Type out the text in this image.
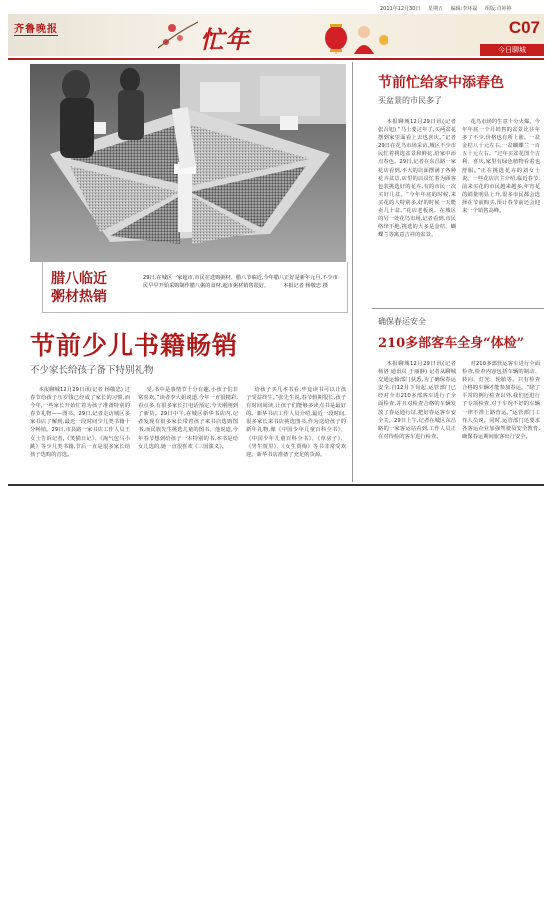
2011年12月30日 星期五 编辑:李环磊 组版:肖婷婷
齐鲁晚报	忙年	C07
今日聊城
腊八临近
粥材热销
29日,在城区一家超市,市民在选购粥材。腊八节临近,今年腊八正好是新年元旦,不少市民早早开始采购制作腊八粥的食材,超市粥材销售很好。	本报记者 杨敬忠 摄
节前少儿书籍畅销
不少家长给孩子备下特别礼物

本报聊城12月29日讯(记者 杨敬忠) 过春节给孩子压岁钱已经成了家长的习惯,而今年,一些家长开始忙着为孩子准备特别的春节礼物——图书。29日,记者走访城区多家书店了解到,最近一段时间少儿类书籍十分畅销。29日,市县路一家书店工作人员王女士告诉记者,《笑猫日记》、《淘气包马小跳》等少儿类书籍,节后一直是很多家长给孩子选购的首选。

受,书中是事情节十分有趣,小孩子们非常喜欢。”读者李大姐说道,今年一直很精彩,看点多,有很多家长打电话预定,今天刚刚到了新货。29日中午,在城区新华书店内,记者发现有很多家长带着孩子来书店选购图书,而民族先生挑选儿童的图书。他说道,今年春节想到给孩子一本特别的书,本书是给女儿选的,她一直很喜欢《三国演义》。

给孩子买几本书看,毕竟读书可以让孩子受益终生。”张先生说,春节假期很长,孩子有时间阅读,让孩子们能够多读点书是最好的。新华书店工作人员介绍,最近一段时间,很多家长来书店挑选图书,作为送给孩子的新年礼物,像《中国少年儿童百科全书》、《中国少年儿童百科全书》、《草房子》、《男生贾里》、《女生贾梅》等书非常受欢迎。新华书店准备了充足的货源。

节前忙给家中添春色
买盆景的市民多了

本报聊城12月29日讯(记者 张召旭) “马上要过年了,买两盆花摆到家里面看上去也喜庆。”记者29日在花鸟市场采访,城区不少市民忙着挑选盆景和鲜花,给家中添点春色。29日,记者在东昌路一家花店看到,不大的店面摆满了各种花卉盆景,店里的店员忙着为顾客包装挑选好的花卉,有的市民一次买好几盆。“今年年底的时候,来买花的人特别多,好的时候一天能卖几十盆。”花店老板说。在城区的另一处花鸟市场,记者看到,市民络绎不绝,挑选的大多是金桔、蝴蝶兰等寓意吉祥的盆景。

花鸟市场的生意十分火爆。今年年底一个月销售的盆景比往年多了不少,价格也有所上涨。一盆金桔八十元左右,一盆蝴蝶兰一百五十元左右。“过年买盆花图个吉利、喜庆,家里有绿色植物看着也舒服。”正在挑选花卉的刘女士说。一些花店店主介绍,临近春节,前来买花的市民越来越多,年宵花的销量明显上升,很多市民都会选择在节前购买,预计春节前还会迎来一个销售高峰。

确保春运安全
210多部客车全身“体检”

本报聊城12月29日讯(记者 杨洛 通讯员 于丽静) 记者从聊城交通运输部门获悉,为了确保春运安全,自12月下旬起,运管部门已经对全市210多部客车进行了全面检查,并且对检查合格的车辆发放了春运通行证,把好春运客车安全关。29日上午,记者在城区东昌路的一家客运站看到,工作人员正在对待检的客车进行检查。

对210多部营运客车进行全面检查,检查内容包括车辆的制动、转向、灯光、轮胎等。只有检查合格的车辆才能参加春运。“除了平常的例行检查以外,我们还进行了专项检查,对于车况不好的车辆一律不准上路营运。”运管部门工作人员说。同时,运管部门还要求各客运企业加强驾驶员安全教育,确保春运期间旅客出行安全。
